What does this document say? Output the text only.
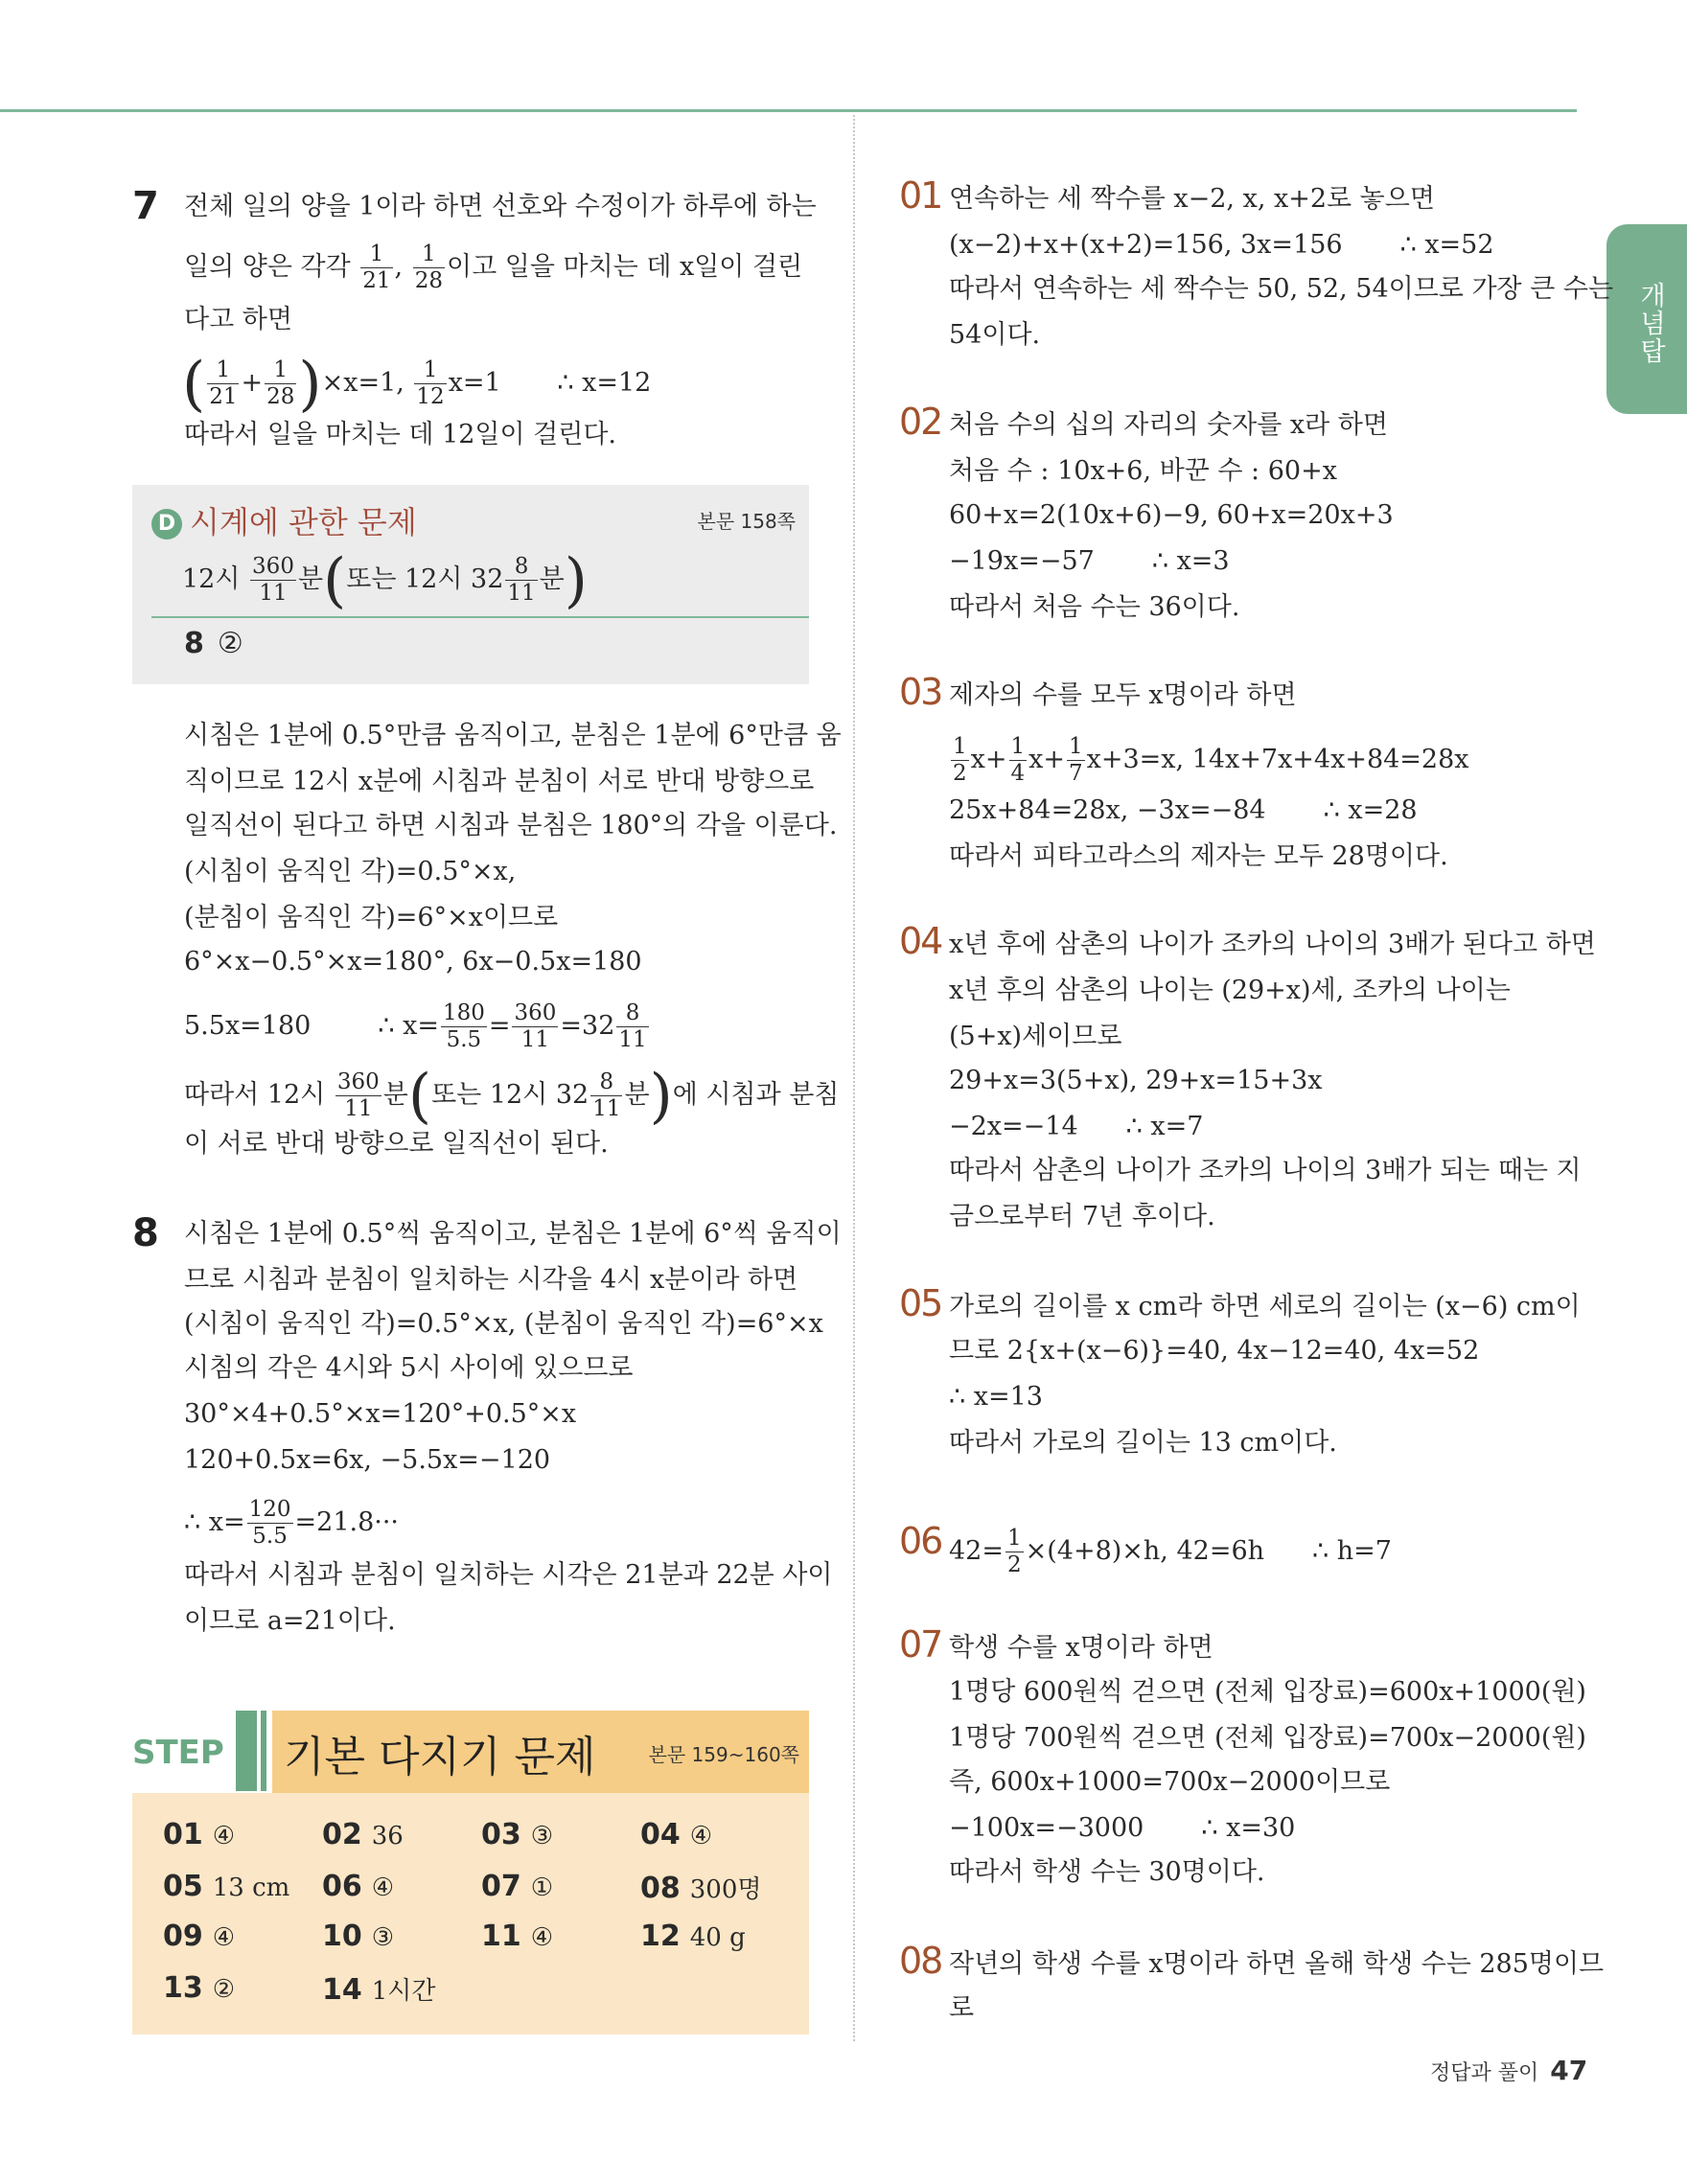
개념탑
7 전체 일의 양을 1이라 하면 선호와 수정이가 하루에 하는
일의 양은 각각 $\frac{1}{21}$ , $\frac{1}{28}$ 이고 일을 마치는 데 x일이 걸린
다고 하면
( $\frac{1}{21} + \frac{1}{28} )\times x=1$, $\frac{1}{12} x=1$ ∴ x=12
따라서 일을 마치는 데 12일이 걸린다.
D 시계에 관한 문제	본문 158쪽
12시 $\frac{360}{11}$ 분(또는 12시 $32 \frac{8}{11}$ 분)
8 ②
시침은 1분에 0.5°만큼 움직이고, 분침은 1분에 6°만큼 움
직이므로 12시 x분에 시침과 분침이 서로 반대 방향으로
일직선이 된다고 하면 시침과 분침은 180°의 각을 이룬다.
(시침이 움직인 각)=0.5°×x,
(분침이 움직인 각)=6°×x이므로
6°×x−0.5°×x=180°, 6x−0.5x=180
5.5x=180	∴ $x= \frac{180}{5.5} = \frac{360}{11} =32 \frac{8}{11}$
따라서 12시 $\frac{360}{11}$ 분(또는 12시 $32 \frac{8}{11}$ 분)에 시침과 분침
이 서로 반대 방향으로 일직선이 된다.
8 시침은 1분에 0.5°씩 움직이고, 분침은 1분에 6°씩 움직이
므로 시침과 분침이 일치하는 시각을 4시 x분이라 하면
(시침이 움직인 각)=0.5°×x, (분침이 움직인 각)=6°×x
시침의 각은 4시와 5시 사이에 있으므로
30°×4+0.5°×x=120°+0.5°×x
120+0.5x=6x, −5.5x=−120
∴ $x= \frac{120}{5.5} =21.8\cdot\cdot\cdot$
따라서 시침과 분침이 일치하는 시각은 21분과 22분 사이
이므로 a=21이다.
STEP 기본 다지기 문제	본문 159~160쪽
01 ④	02 36	03 ③	04 ④
05 13 cm 06 ④	07 ①	08 300명
09 ④	10 ③	11 ④	12 40 g
13 ②	14 1시간
01 연속하는 세 짝수를 x−2, x, x+2로 놓으면
(x−2)+x+(x+2)=156, 3x=156 ∴ x=52
따라서 연속하는 세 짝수는 50, 52, 54이므로 가장 큰 수는
54이다.
02 처음 수의 십의 자리의 숫자를 x라 하면
처음 수 : 10x+6, 바꾼 수 : 60+x
60+x=2(10x+6)−9, 60+x=20x+3
−19x=−57 ∴ x=3
따라서 처음 수는 36이다.
03 제자의 수를 모두 x명이라 하면
$\frac{1}{2} x+ \frac{1}{4} x+ \frac{1}{7} x+3=x$, 14x+7x+4x+84=28x
25x+84=28x, −3x=−84 ∴ x=28
따라서 피타고라스의 제자는 모두 28명이다.
04 x년 후에 삼촌의 나이가 조카의 나이의 3배가 된다고 하면
x년 후의 삼촌의 나이는 (29+x)세, 조카의 나이는
(5+x)세이므로
29+x=3(5+x), 29+x=15+3x
−2x=−14 ∴ x=7
따라서 삼촌의 나이가 조카의 나이의 3배가 되는 때는 지
금으로부터 7년 후이다.
05 가로의 길이를 x cm라 하면 세로의 길이는 (x−6) cm이
므로 2{x+(x−6)}=40, 4x−12=40, 4x=52
∴ x=13
따라서 가로의 길이는 13 cm이다.
06 $42= \frac{1}{2} \times(4+8)\times h$, 42=6h ∴ h=7
07 학생 수를 x명이라 하면
1명당 600원씩 걷으면 (전체 입장료)=600x+1000(원)
1명당 700원씩 걷으면 (전체 입장료)=700x−2000(원)
즉, 600x+1000=700x−2000이므로
−100x=−3000 ∴ x=30
따라서 학생 수는 30명이다.
08 작년의 학생 수를 x명이라 하면 올해 학생 수는 285명이므
로
정답과 풀이 47
